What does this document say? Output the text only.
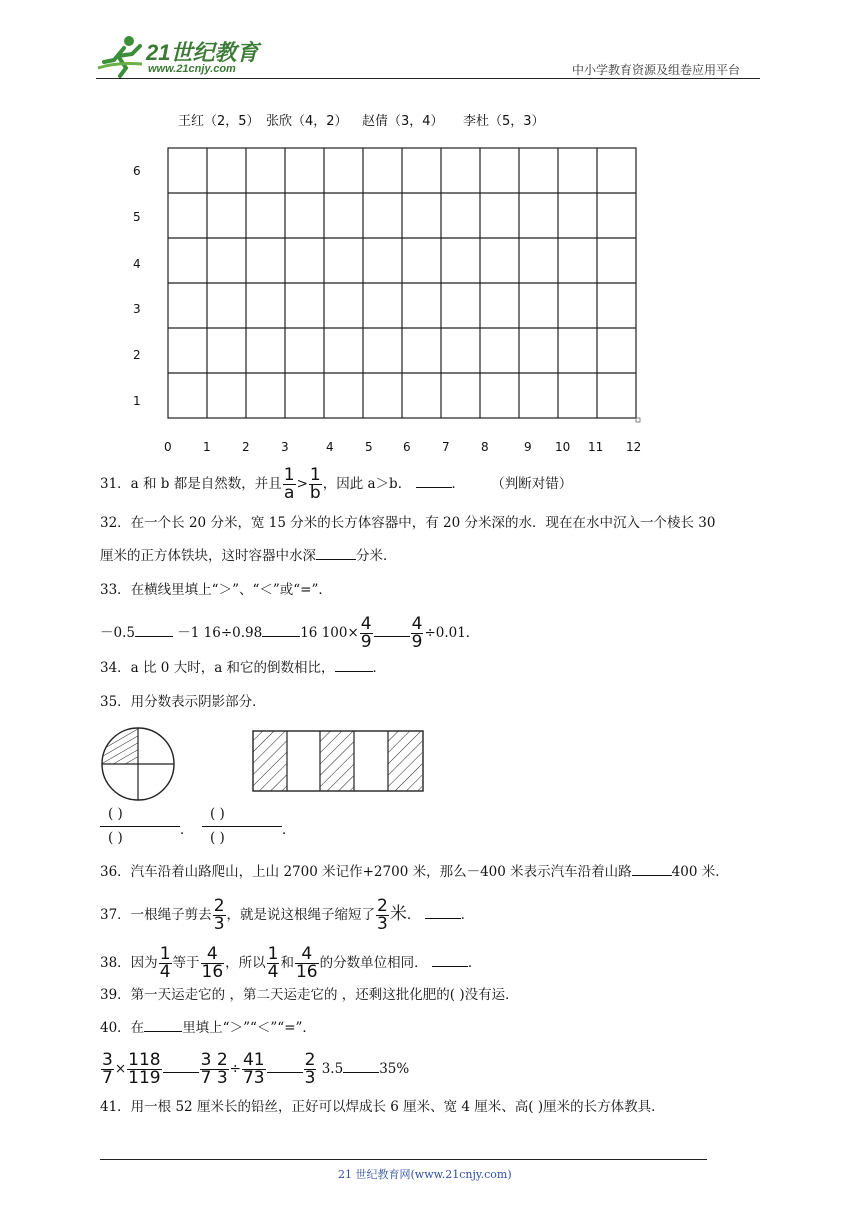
21世纪教育
www.21cnjy.com	中小学教育资源及组卷应用平台
王红（2，5） 张欣（4，2） 赵倩（3，4） 李杜（5，3）
6
5
4
3
2
1
0	1	2	3	4	5	6	7	8	9 10 11 12
31．a 和 b 都是自然数，并且 $\frac{1}{a} > \frac{1}{b}$ ，因此 a＞b．	． （判断对错）
32．在一个长 20 分米，宽 15 分米的长方体容器中，有 20 分米深的水．现在在水中沉入一个棱长 30
厘米的正方体铁块，这时容器中水深	分米．
33．在横线里填上“＞”、“＜”或“=”．
－0.5	－1 16÷0.98	16 $100\times \frac{4}{9} \frac{4}{9} \div 0.01$．
34．a 比 0 大时，a 和它的倒数相比，	．
35．用分数表示阴影部分．
( )
( )	．
( )
( )	．
36．汽车沿着山路爬山，上山 2700 米记作+2700 米，那么－400 米表示汽车沿着山路	400 米．
37．一根绳子剪去 $\frac{2}{3}$ ，就是说这根绳子缩短了 $\frac{2}{3}$ 米．	．
38．因为 $\frac{1}{4}$ 等于 $\frac{4}{16}$ ，所以 $\frac{1}{4}$ 和 $\frac{4}{16}$ 的分数单位相同．	．
39．第一天运走它的 ，第二天运走它的 ，还剩这批化肥的( )没有运．
40．在	里填上“＞”“＜”“=”．
$\frac{3}{7} \times \frac{118}{119} \frac{3 2}{7 3} \div \frac{41}{73} \frac{2}{3} 3.5$	35%
41．用一根 52 厘米长的铅丝，正好可以焊成长 6 厘米、宽 4 厘米、高( )厘米的长方体教具．
21 世纪教育网(www.21cnjy.com)
